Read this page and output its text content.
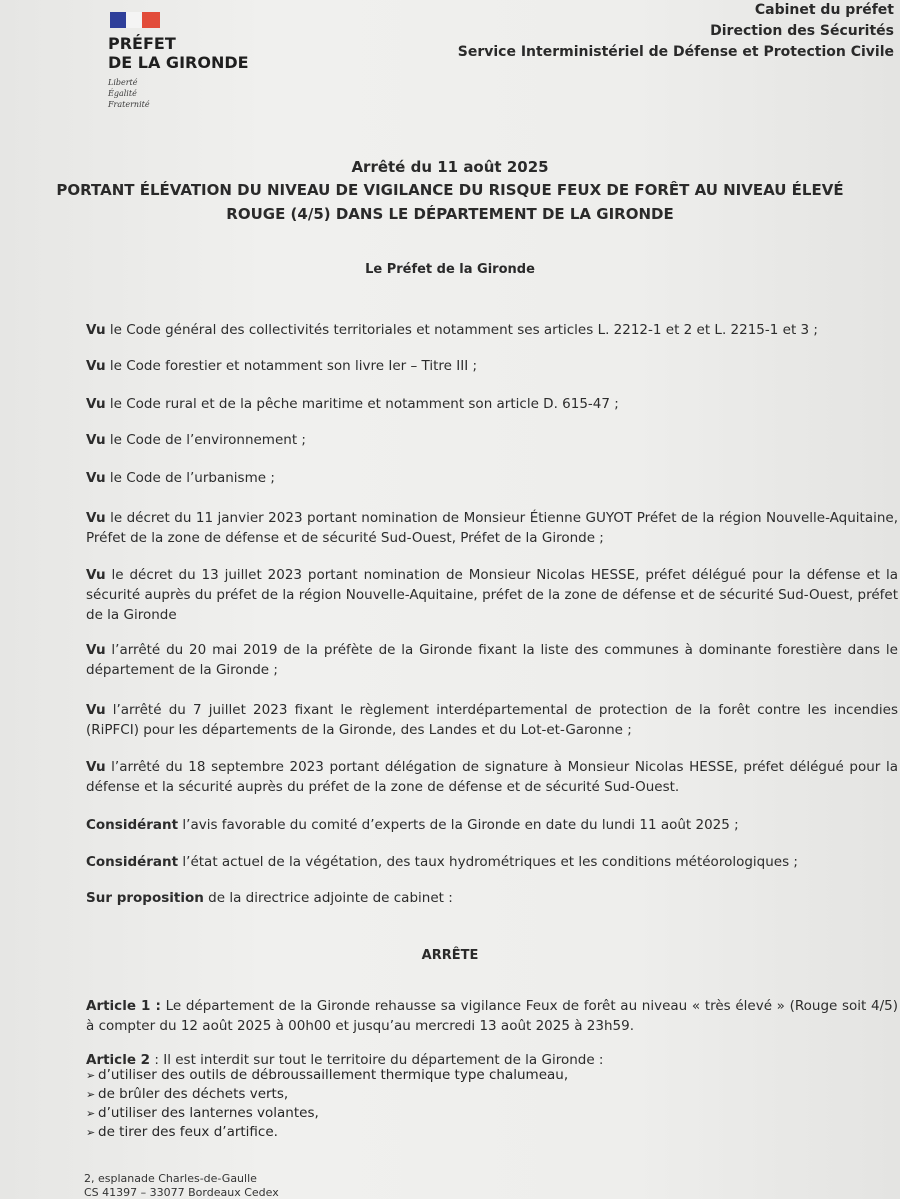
PRÉFET
DE LA GIRONDE
Liberté
Égalité
Fraternité
Cabinet du préfet
Direction des Sécurités
Service Interministériel de Défense et Protection Civile
Arrêté du 11 août 2025
PORTANT ÉLÉVATION DU NIVEAU DE VIGILANCE DU RISQUE FEUX DE FORÊT AU NIVEAU ÉLEVÉ ROUGE (4/5) DANS LE DÉPARTEMENT DE LA GIRONDE
Le Préfet de la Gironde
Vu le Code général des collectivités territoriales et notamment ses articles L. 2212-1 et 2 et L. 2215-1 et 3 ;
Vu le Code forestier et notamment son livre Ier – Titre III ;
Vu le Code rural et de la pêche maritime et notamment son article D. 615-47 ;
Vu le Code de l’environnement ;
Vu le Code de l’urbanisme ;
Vu le décret du 11 janvier 2023 portant nomination de Monsieur Étienne GUYOT Préfet de la région Nouvelle-Aquitaine, Préfet de la zone de défense et de sécurité Sud-Ouest, Préfet de la Gironde ;
Vu le décret du 13 juillet 2023 portant nomination de Monsieur Nicolas HESSE, préfet délégué pour la défense et la sécurité auprès du préfet de la région Nouvelle-Aquitaine, préfet de la zone de défense et de sécurité Sud-Ouest, préfet de la Gironde
Vu l’arrêté du 20 mai 2019 de la préfète de la Gironde fixant la liste des communes à dominante forestière dans le département de la Gironde ;
Vu l’arrêté du 7 juillet 2023 fixant le règlement interdépartemental de protection de la forêt contre les incendies (RiPFCI) pour les départements de la Gironde, des Landes et du Lot-et-Garonne ;
Vu l’arrêté du 18 septembre 2023 portant délégation de signature à Monsieur Nicolas HESSE, préfet délégué pour la défense et la sécurité auprès du préfet de la zone de défense et de sécurité Sud-Ouest.
Considérant l’avis favorable du comité d’experts de la Gironde en date du lundi 11 août 2025 ;
Considérant l’état actuel de la végétation, des taux hydrométriques et les conditions météorologiques ;
Sur proposition de la directrice adjointe de cabinet :
ARRÊTE
Article 1 : Le département de la Gironde rehausse sa vigilance Feux de forêt au niveau « très élevé » (Rouge soit 4/5) à compter du 12 août 2025 à 00h00 et jusqu’au mercredi 13 août 2025 à 23h59.
Article 2 : Il est interdit sur tout le territoire du département de la Gironde :
➢ d’utiliser des outils de débroussaillement thermique type chalumeau,
➢ de brûler des déchets verts,
➢ d’utiliser des lanternes volantes,
➢ de tirer des feux d’artifice.
2, esplanade Charles-de-Gaulle
CS 41397 – 33077 Bordeaux Cedex
